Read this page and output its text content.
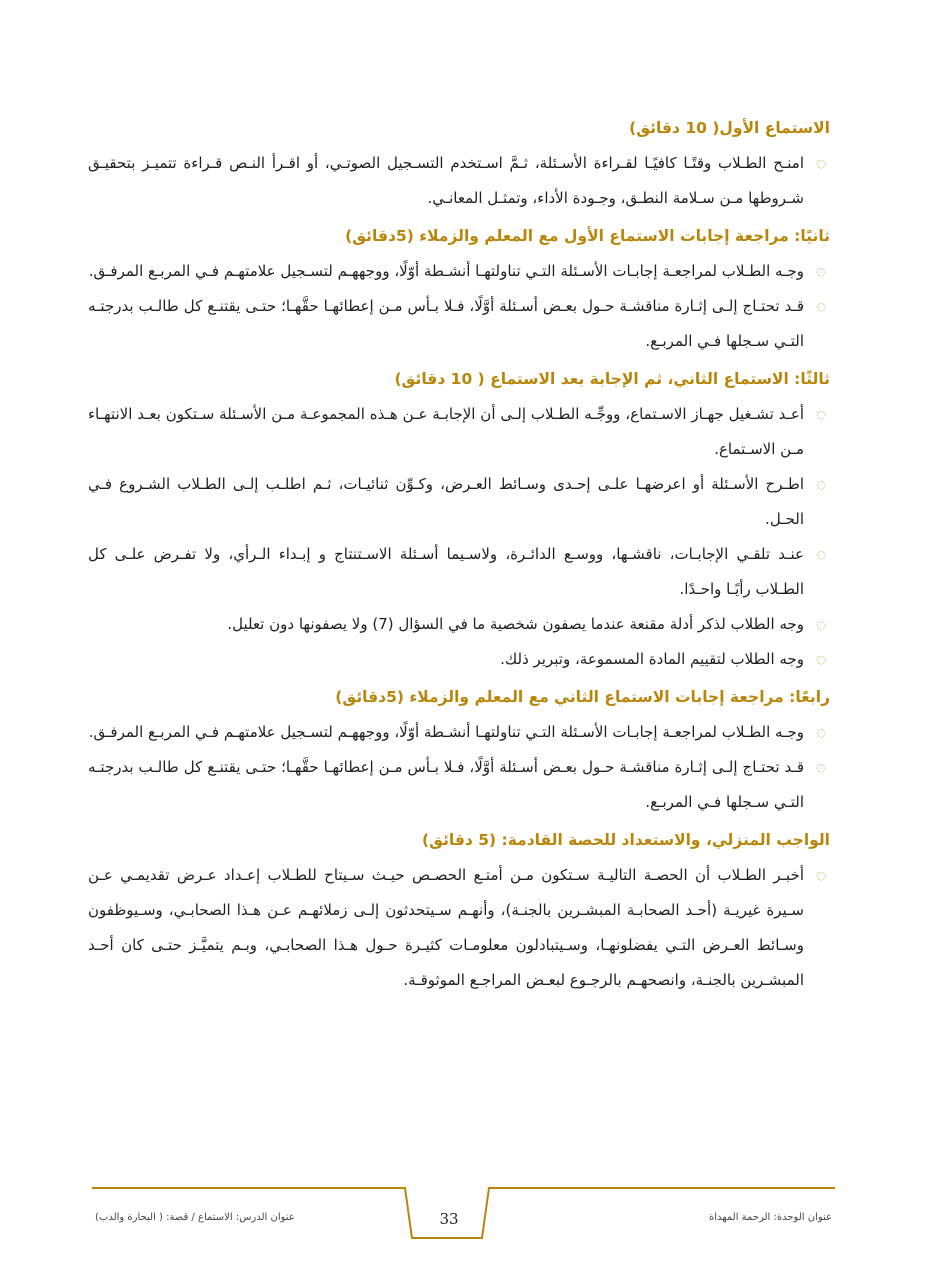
الاستماع الأول( 10 دقائق)
◌
امنـح الطـلاب وقتًـا كافيًـا لقـراءة الأسـئلة، ثـمَّ اسـتخدم التسـجيل الصوتـي، أو اقـرأ النـص قـراءة تتميـز بتحقيـق شـروطها مـن سـلامة النطـق، وجـودة الأداء، وتمثـل المعانـي.
ثانيًا: مراجعة إجابات الاستماع الأول مع المعلم والزملاء (5دقائق)
◌
وجـه الطـلاب لمراجعـة إجابـات الأسـئلة التـي تناولتهـا أنشـطة أوّلًا، ووجههـم لتسـجيل علامتهـم فـي المربـع المرفـق.
◌
قـد تحتـاج إلـى إثـارة مناقشـة حـول بعـض أسـئلة أوَّلًا، فـلا بـأس مـن إعطائهـا حقَّهـا؛ حتـى يقتنـع كل طالـب بدرجتـه التـي سـجلها فـي المربـع.
ثالثًا: الاستماع الثاني، ثم الإجابة بعد الاستماع ( 10 دقائق)
◌
أعـد تشـغيل جهـاز الاسـتماع، ووجِّـه الطـلاب إلـى أن الإجابـة عـن هـذه المجموعـة مـن الأسـئلة سـتكون بعـد الانتهـاء مـن الاسـتماع.
◌
اطـرح الأسـئلة أو اعرضهـا علـى إحـدى وسـائط العـرض، وكـوِّن ثنائيـات، ثـم اطلـب إلـى الطـلاب الشـروع فـي الحـل.
◌
عنـد تلقـي الإجابـات، ناقشـها، ووسـع الدائـرة، ولاسـيما أسـئلة الاسـتنتاج و إبـداء الـرأي، ولا تفـرض علـى كل الطـلاب رأيًـا واحـدًا.
◌
وجه الطلاب لذكر أدلة مقنعة عندما يصفون شخصية ما في السؤال (7) ولا يصفونها دون تعليل.
◌
وجه الطلاب لتقييم المادة المسموعة، وتبرير ذلك.
رابعًا: مراجعة إجابات الاستماع الثاني مع المعلم والزملاء (5دقائق)
◌
وجـه الطـلاب لمراجعـة إجابـات الأسـئلة التـي تناولتهـا أنشـطة أوّلًا، ووجههـم لتسـجيل علامتهـم فـي المربـع المرفـق.
◌
قـد تحتـاج إلـى إثـارة مناقشـة حـول بعـض أسـئلة أوَّلًا، فـلا بـأس مـن إعطائهـا حقَّهـا؛ حتـى يقتنـع كل طالـب بدرجتـه التـي سـجلها فـي المربـع.
الواجب المنزلي، والاستعداد للحصة القادمة: (5 دقائق)
◌
أخبـر الطـلاب أن الحصـة التاليـة سـتكون مـن أمتـع الحصـص حيـث سـيتاح للطـلاب إعـداد عـرض تقديمـي عـن سـيرة غيريـة (أحـد الصحابـة المبشـرين بالجنـة)، وأنهـم سـيتحدثون إلـى زملائهـم عـن هـذا الصحابـي، وسـيوظفون وسـائط العـرض التـي يفضلونهـا، وسـيتبادلون معلومـات كثيـرة حـول هـذا الصحابـي، وبـم يتميَّـز حتـى كان أحـد المبشـرين بالجنـة، وانصحهـم بالرجـوع لبعـض المراجـع الموثوقـة.
عنوان الوحدة: الرحمة المهداة
33
عنوان الدرس: الاستماع / قصة: ( البحارة والدب)
